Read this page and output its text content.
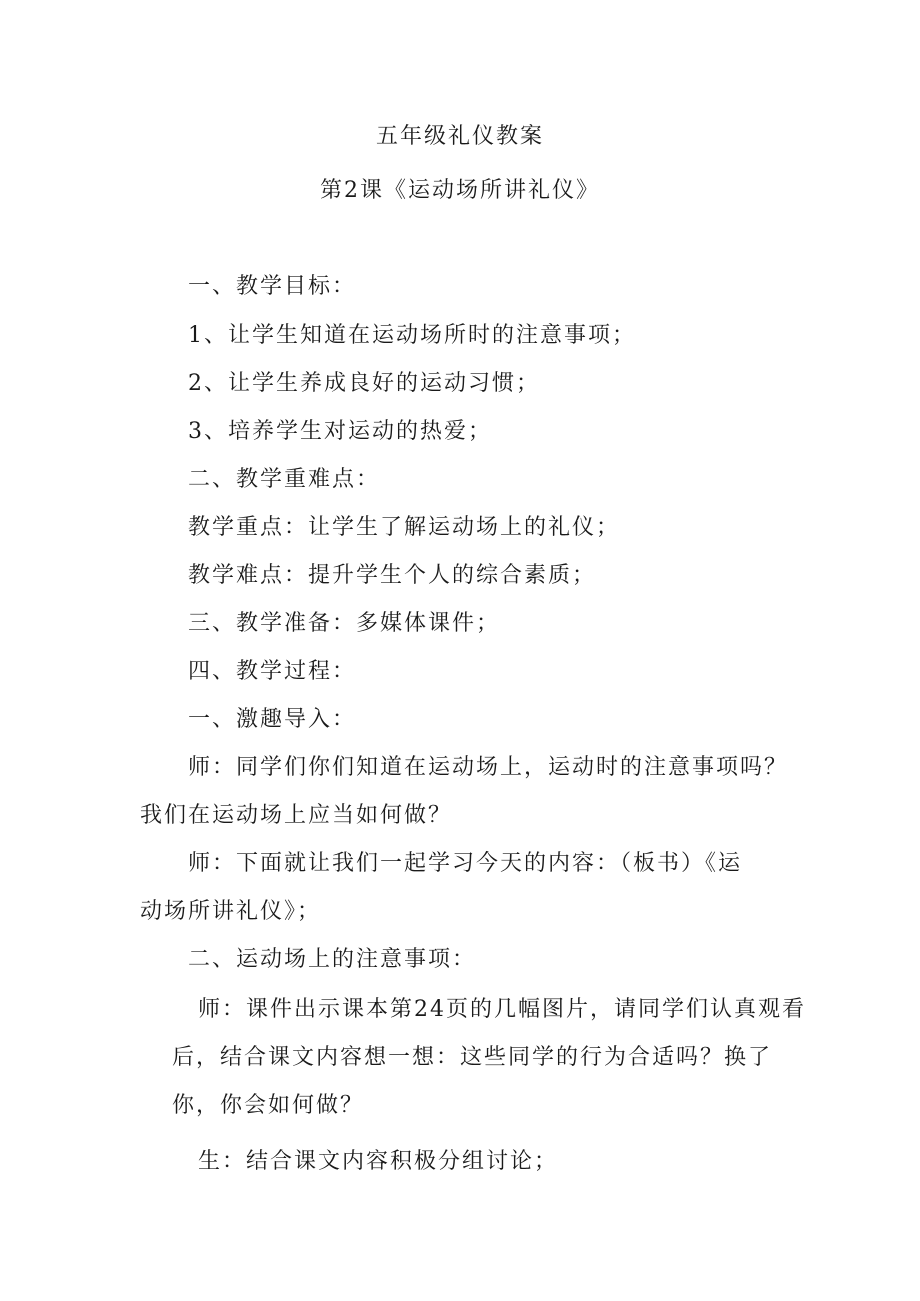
五年级礼仪教案
第2课《运动场所讲礼仪》
一、教学目标：
1、让学生知道在运动场所时的注意事项；
2、让学生养成良好的运动习惯；
3、培养学生对运动的热爱；
二、教学重难点：
教学重点：让学生了解运动场上的礼仪；
教学难点：提升学生个人的综合素质；
三、教学准备：多媒体课件；
四、教学过程：
一、激趣导入：
师：同学们你们知道在运动场上，运动时的注意事项吗？
我们在运动场上应当如何做？
师：下面就让我们一起学习今天的内容：（板书）《运
动场所讲礼仪》；
二、运动场上的注意事项：
师：课件出示课本第24页的几幅图片，请同学们认真观看
后，结合课文内容想一想：这些同学的行为合适吗？换了
你，你会如何做？
生：结合课文内容积极分组讨论；
